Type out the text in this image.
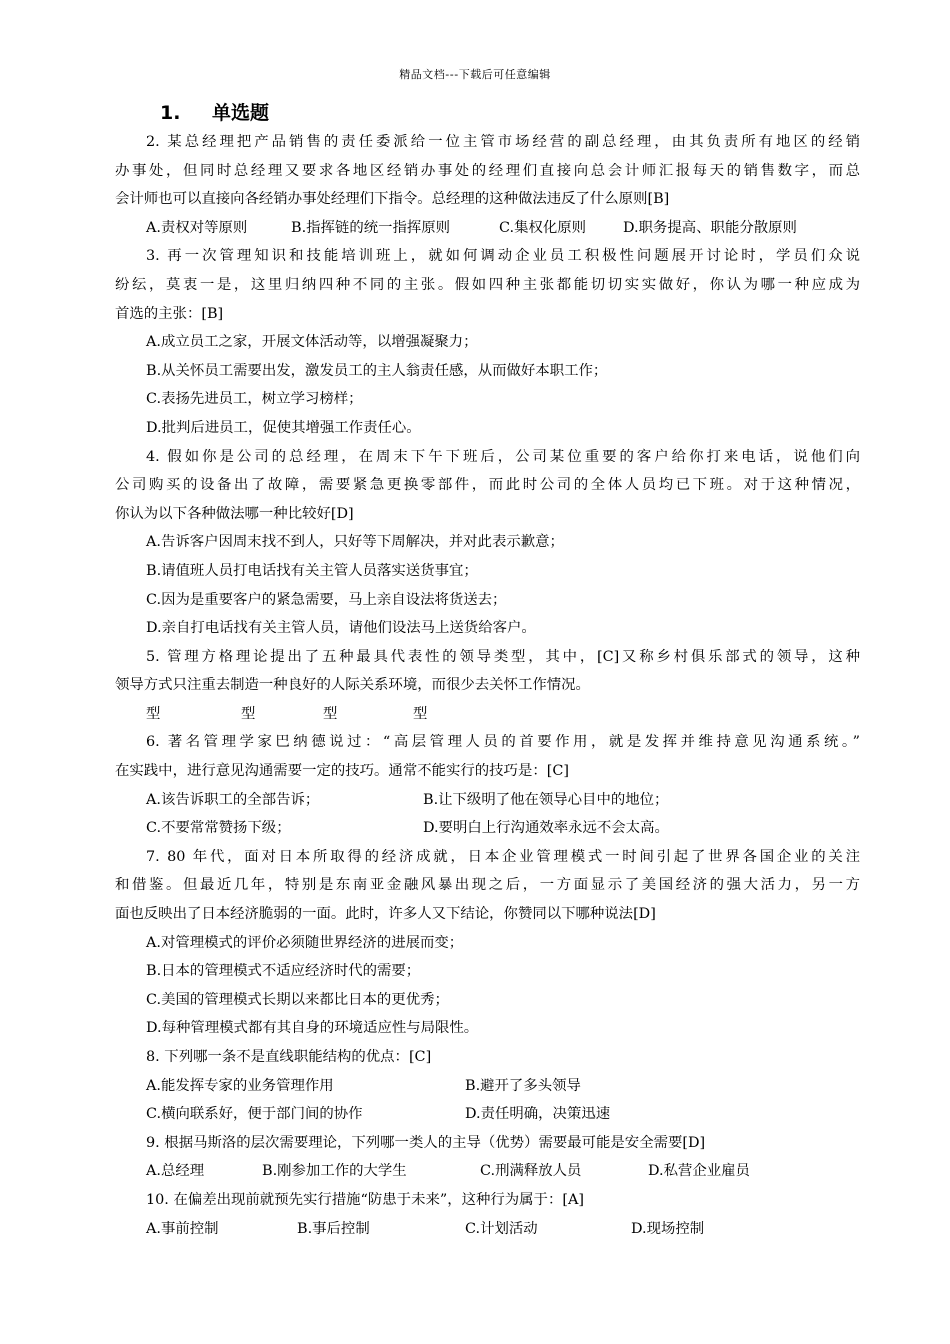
精品文档---下载后可任意编辑
1. 单选题
2. 某总经理把产品销售的责任委派给一位主管市场经营的副总经理，由其负责所有地区的经销
办事处，但同时总经理又要求各地区经销办事处的经理们直接向总会计师汇报每天的销售数字，而总
会计师也可以直接向各经销办事处经理们下指令。总经理的这种做法违反了什么原则[B]
A.责权对等原则	B.指挥链的统一指挥原则	C.集权化原则	D.职务提高、职能分散原则
3. 再一次管理知识和技能培训班上，就如何调动企业员工积极性问题展开讨论时，学员们众说
纷纭，莫衷一是，这里归纳四种不同的主张。假如四种主张都能切切实实做好，你认为哪一种应成为
首选的主张：[B]
A.成立员工之家，开展文体活动等，以增强凝聚力；
B.从关怀员工需要出发，激发员工的主人翁责任感，从而做好本职工作；
C.表扬先进员工，树立学习榜样；
D.批判后进员工，促使其增强工作责任心。
4. 假如你是公司的总经理，在周末下午下班后，公司某位重要的客户给你打来电话，说他们向
公司购买的设备出了故障，需要紧急更换零部件，而此时公司的全体人员均已下班。对于这种情况，
你认为以下各种做法哪一种比较好[D]
A.告诉客户因周末找不到人，只好等下周解决，并对此表示歉意；
B.请值班人员打电话找有关主管人员落实送货事宜；
C.因为是重要客户的紧急需要，马上亲自设法将货送去；
D.亲自打电话找有关主管人员，请他们设法马上送货给客户。
5. 管理方格理论提出了五种最具代表性的领导类型，其中，[C]又称乡村俱乐部式的领导，这种
领导方式只注重去制造一种良好的人际关系环境，而很少去关怀工作情况。
型	型	型	型
6. 著名管理学家巴纳德说过：“高层管理人员的首要作用，就是发挥并维持意见沟通系统。”
在实践中，进行意见沟通需要一定的技巧。通常不能实行的技巧是：[C]
A.该告诉职工的全部告诉；	B.让下级明了他在领导心目中的地位；
C.不要常常赞扬下级；	D.要明白上行沟通效率永远不会太高。
7. 80 年代，面对日本所取得的经济成就，日本企业管理模式一时间引起了世界各国企业的关注
和借鉴。但最近几年，特别是东南亚金融风暴出现之后，一方面显示了美国经济的强大活力，另一方
面也反映出了日本经济脆弱的一面。此时，许多人又下结论，你赞同以下哪种说法[D]
A.对管理模式的评价必须随世界经济的进展而变；
B.日本的管理模式不适应经济时代的需要；
C.美国的管理模式长期以来都比日本的更优秀；
D.每种管理模式都有其自身的环境适应性与局限性。
8. 下列哪一条不是直线职能结构的优点：[C]
A.能发挥专家的业务管理作用	B.避开了多头领导
C.横向联系好，便于部门间的协作	D.责任明确，决策迅速
9. 根据马斯洛的层次需要理论，下列哪一类人的主导（优势）需要最可能是安全需要[D]
A.总经理	B.刚参加工作的大学生	C.刑满释放人员	D.私营企业雇员
10. 在偏差出现前就预先实行措施“防患于未来”，这种行为属于：[A]
A.事前控制	B.事后控制	C.计划活动	D.现场控制
